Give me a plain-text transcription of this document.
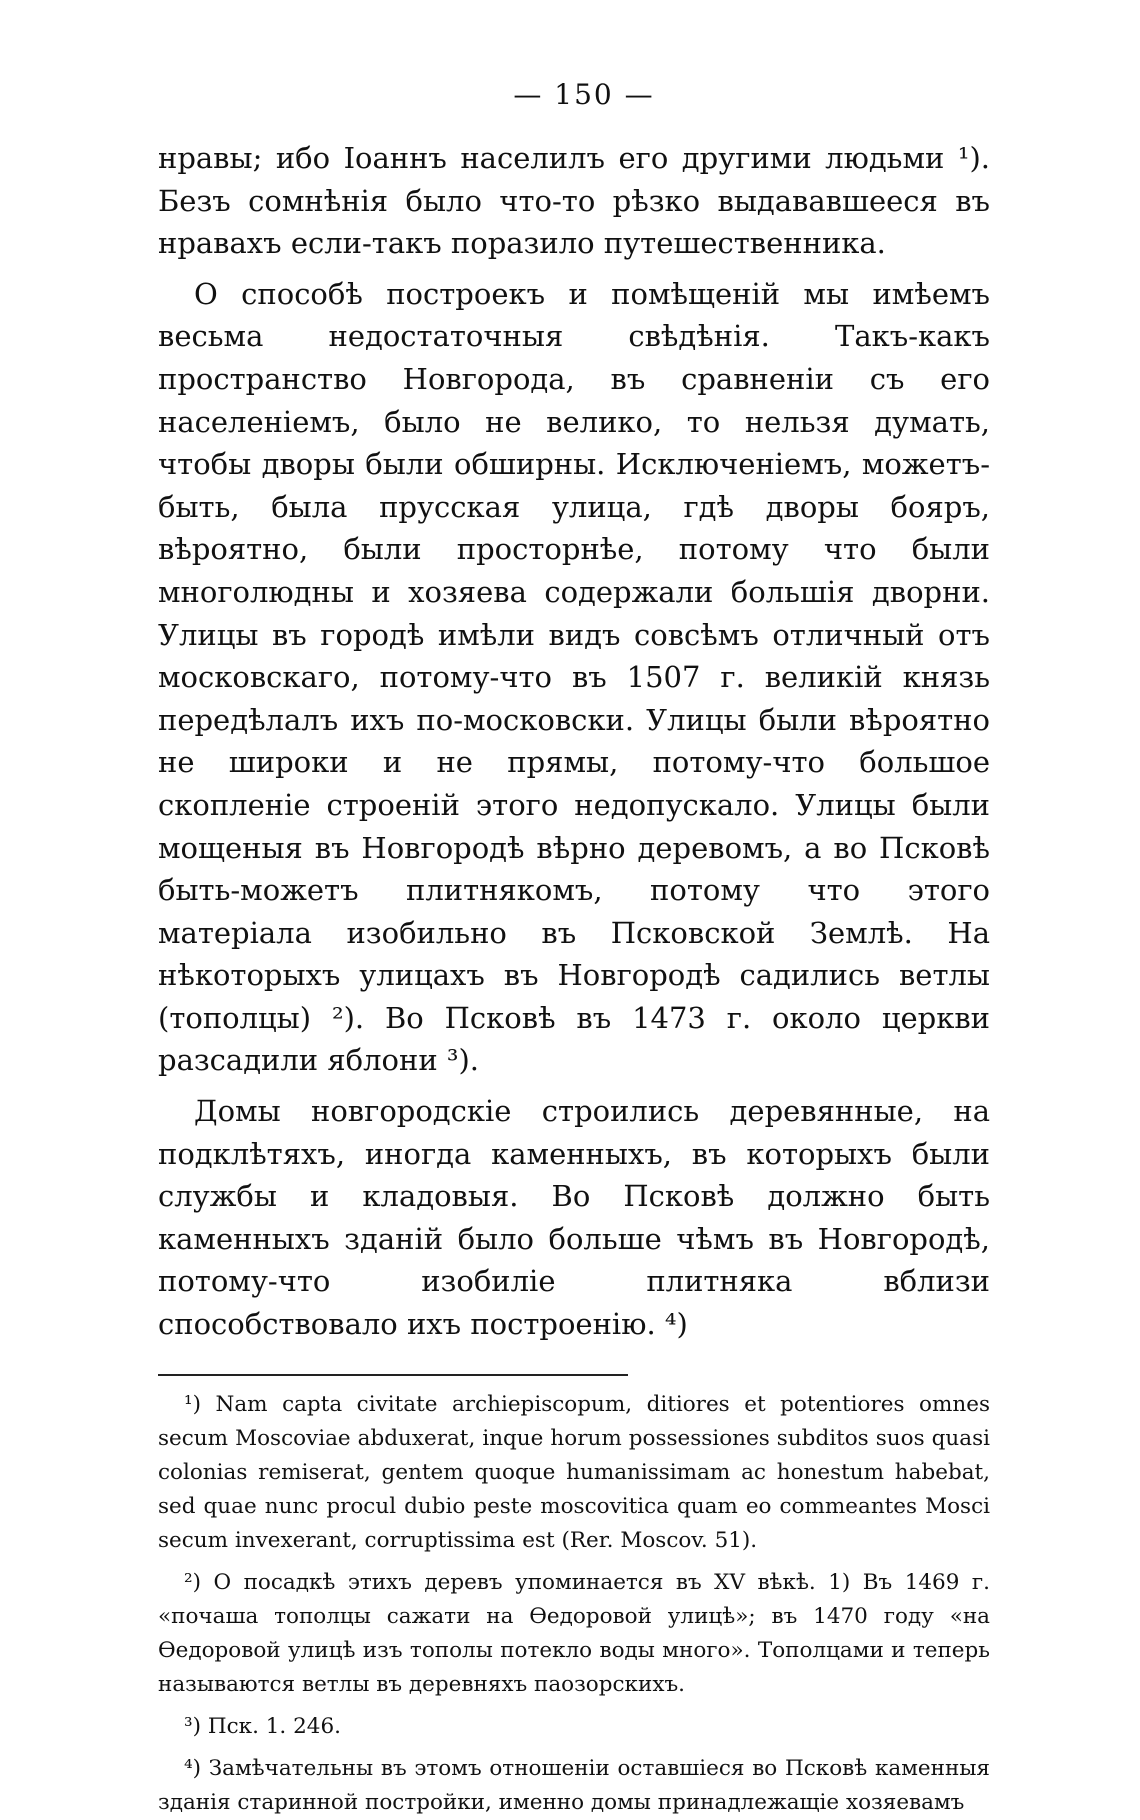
— 150 —

нравы; ибо Іоаннъ населилъ его другими людьми ¹). Безъ сомнѣнія было что-то рѣзко выдававшееся въ нравахъ если-такъ поразило путешественника.

О способѣ построекъ и помѣщеній мы имѣемъ весьма недостаточныя свѣдѣнія. Такъ-какъ пространство Новгорода, въ сравненіи съ его населеніемъ, было не велико, то нельзя думать, чтобы дворы были обширны. Исключеніемъ, можетъ-быть, была прусская улица, гдѣ дворы бояръ, вѣроятно, были просторнѣе, потому что были многолюдны и хозяева содержали большія дворни. Улицы въ городѣ имѣли видъ совсѣмъ отличный отъ московскаго, потому-что въ 1507 г. великій князь передѣлалъ ихъ по-московски. Улицы были вѣроятно не широки и не прямы, потому-что большое скопленіе строеній этого недопускало. Улицы были мощеныя въ Новгородѣ вѣрно деревомъ, а во Псковѣ быть-можетъ плитнякомъ, потому что этого матеріала изобильно въ Псковской Землѣ. На нѣкоторыхъ улицахъ въ Новгородѣ садились ветлы (тополцы) ²). Во Псковѣ въ 1473 г. около церкви разсадили яблони ³).

Домы новгородскіе строились деревянные, на подклѣтяхъ, иногда каменныхъ, въ которыхъ были службы и кладовыя. Во Псковѣ должно быть каменныхъ зданій было больше чѣмъ въ Новгородѣ, потому-что изобиліе плитняка вблизи способствовало ихъ построенію. ⁴)

¹) Nam capta civitate archiepiscopum, ditiores et potentiores omnes secum Moscoviae abduxerat, inque horum possessiones subditos suos quasi colonias remiserat, gentem quoque humanissimam ac honestum habebat, sed quae nunc procul dubio peste moscovitica quam eo commeantes Mosci secum invexerant, corruptissima est (Rer. Moscov. 51).

²) О посадкѣ этихъ деревъ упоминается въ XV вѣкѣ. 1) Въ 1469 г. «почаша тополцы сажати на Ѳедоровой улицѣ»; въ 1470 году «на Ѳедоровой улицѣ изъ тополы потекло воды много». Тополцами и теперь называются ветлы въ деревняхъ паозорскихъ.

³) Пск. 1. 246.

⁴) Замѣчательны въ этомъ отношеніи оставшіеся во Псковѣ каменныя зданія старинной постройки, именно домы принадлежащіе хозяевамъ
